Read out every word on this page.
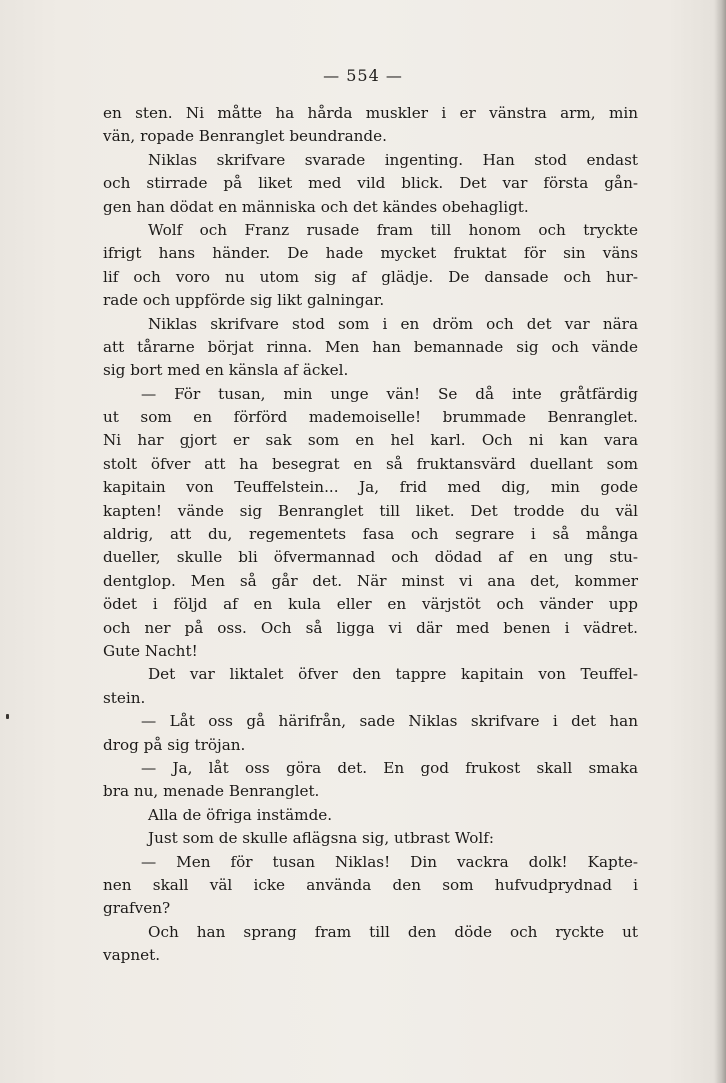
— 554 —
en sten. Ni måtte ha hårda muskler i er vänstra arm, min
vän, ropade Benranglet beundrande.
Niklas skrifvare svarade ingenting. Han stod endast
och stirrade på liket med vild blick. Det var första gån-
gen han dödat en människa och det kändes obehagligt.
Wolf och Franz rusade fram till honom och tryckte
ifrigt hans händer. De hade mycket fruktat för sin väns
lif och voro nu utom sig af glädje. De dansade och hur-
rade och uppförde sig likt galningar.
Niklas skrifvare stod som i en dröm och det var nära
att tårarne börjat rinna. Men han bemannade sig och vände
sig bort med en känsla af äckel.
— För tusan, min unge vän! Se då inte gråtfärdig
ut som en förförd mademoiselle! brummade Benranglet.
Ni har gjort er sak som en hel karl. Och ni kan vara
stolt öfver att ha besegrat en så fruktansvärd duellant som
kapitain von Teuffelstein... Ja, frid med dig, min gode
kapten! vände sig Benranglet till liket. Det trodde du väl
aldrig, att du, regementets fasa och segrare i så många
dueller, skulle bli öfvermannad och dödad af en ung stu-
dentglop. Men så går det. När minst vi ana det, kommer
ödet i följd af en kula eller en värjstöt och vänder upp
och ner på oss. Och så ligga vi där med benen i vädret.
Gute Nacht!
Det var liktalet öfver den tappre kapitain von Teuffel-
stein.
— Låt oss gå härifrån, sade Niklas skrifvare i det han
drog på sig tröjan.
— Ja, låt oss göra det. En god frukost skall smaka
bra nu, menade Benranglet.
Alla de öfriga instämde.
Just som de skulle aflägsna sig, utbrast Wolf:
— Men för tusan Niklas! Din vackra dolk! Kapte-
nen skall väl icke använda den som hufvudprydnad i
grafven?
Och han sprang fram till den döde och ryckte ut
vapnet.
